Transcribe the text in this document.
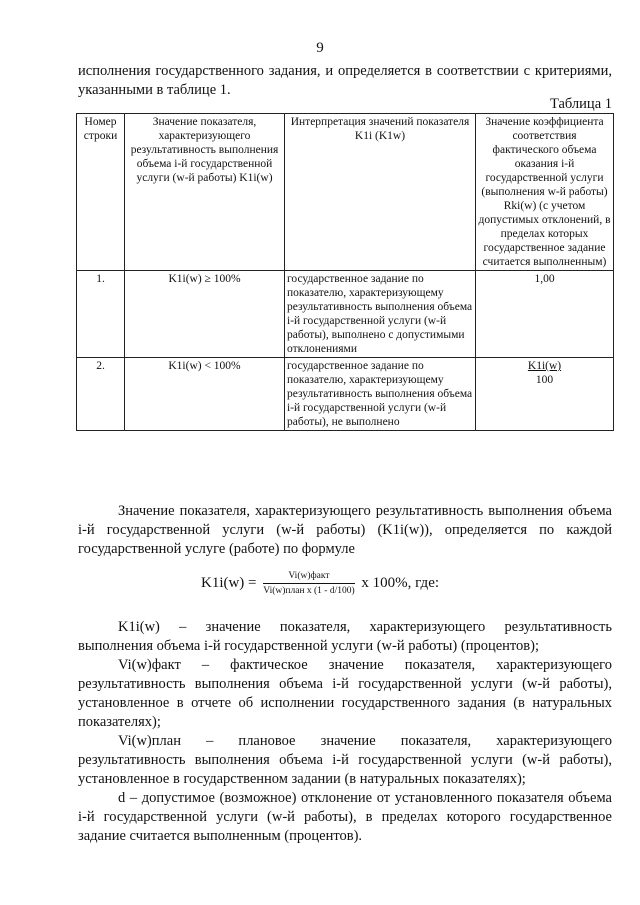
9
исполнения государственного задания, и определяется в соответствии с критериями, указанными в таблице 1.
Таблица 1
Номер строки	Значение показателя, характеризующего результативность выполнения объема i-й государственной услуги (w-й работы) K1i(w)	Интерпретация значений показателя K1i (K1w)	Значение коэффициента соответствия фактического объема оказания i-й государственной услуги (выполнения w-й работы) Rki(w) (с учетом допустимых отклонений, в пределах которых государственное задание считается выполненным)
1.	K1i(w) ≥ 100%	государственное задание по показателю, характеризующему результативность выполнения объема i-й государственной услуги (w-й работы), выполнено с допустимыми отклонениями	1,00
2.	K1i(w) < 100%	государственное задание по показателю, характеризующему результативность выполнения объема i-й государственной услуги (w-й работы), не выполнено	$\frac{K1i(w)}{100}$
Значение показателя, характеризующего результативность выполнения объема i-й государственной услуги (w-й работы) (K1i(w)), определяется по каждой государственной услуге (работе) по формуле
$K1i(w) = \frac{\text{Vi(w)факт}}{\text{Vi(w)план х (1 - d/100)}}$ х 100%, где:
K1i(w) – значение показателя, характеризующего результативность выполнения объема i-й государственной услуги (w-й работы) (процентов);
Vi(w)факт – фактическое значение показателя, характеризующего результативность выполнения объема i-й государственной услуги (w-й работы), установленное в отчете об исполнении государственного задания (в натуральных показателях);
Vi(w)план – плановое значение показателя, характеризующего результативность выполнения объема i-й государственной услуги (w-й работы), установленное в государственном задании (в натуральных показателях);
d – допустимое (возможное) отклонение от установленного показателя объема i-й государственной услуги (w-й работы), в пределах которого государственное задание считается выполненным (процентов).
